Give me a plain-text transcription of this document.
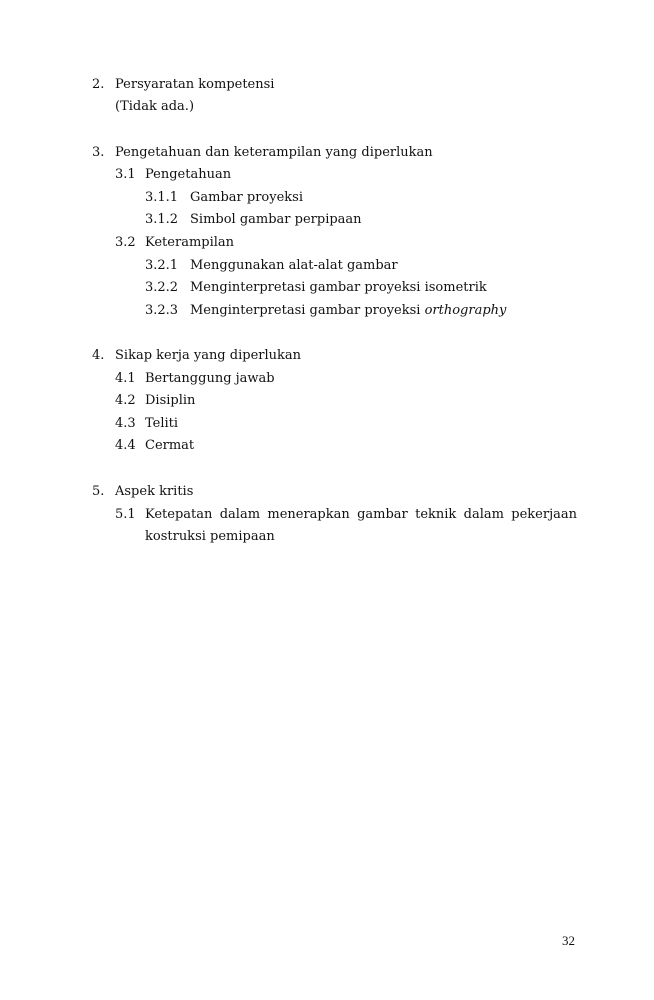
2. Persyaratan kompetensi
(Tidak ada.)
3. Pengetahuan dan keterampilan yang diperlukan
3.1 Pengetahuan
3.1.1 Gambar proyeksi
3.1.2 Simbol gambar perpipaan
3.2 Keterampilan
3.2.1 Menggunakan alat-alat gambar
3.2.2 Menginterpretasi gambar proyeksi isometrik
3.2.3 Menginterpretasi gambar proyeksi orthography
4. Sikap kerja yang diperlukan
4.1 Bertanggung jawab
4.2 Disiplin
4.3 Teliti
4.4 Cermat
5. Aspek kritis
5.1 Ketepatan dalam menerapkan gambar teknik dalam pekerjaan
kostruksi pemipaan
32
